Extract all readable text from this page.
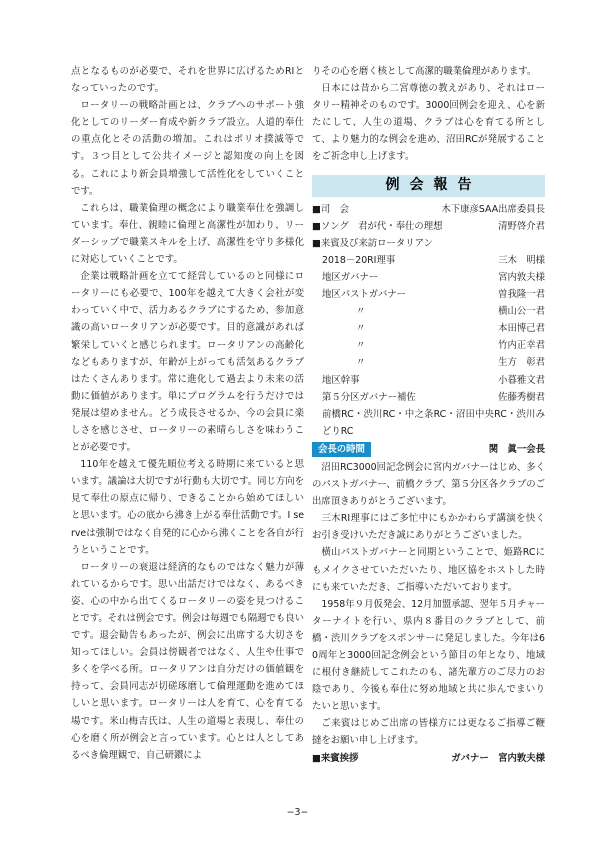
点となるものが必要で、それを世界に広げるためRIとなっていったのです。

ロータリーの戦略計画とは、クラブへのサポート強化としてのリーダー育成や新クラブ設立。人道的奉仕の重点化とその活動の増加。これはポリオ撲滅等です。３つ目として公共イメージと認知度の向上を図る。これにより新会員増強して活性化をしていくことです。

これらは、職業倫理の概念により職業奉仕を強調しています。奉仕、親睦に倫理と高潔性が加わり、リーダーシップで職業スキルを上げ、高潔性を守り多様化に対応していくことです。

企業は戦略計画を立てて経営しているのと同様にロータリーにも必要で、100年を越えて大きく会社が変わっていく中で、活力あるクラブにするため、参加意識の高いロータリアンが必要です。目的意識があれば繁栄していくと感じられます。ロータリアンの高齢化などもありますが、年齢が上がっても活気あるクラブはたくさんあります。常に進化して過去より未来の活動に価値があります。単にプログラムを行うだけでは発展は望めません。どう成長させるか、今の会員に楽しさを感じさせ、ロータリーの素晴らしさを味わうことが必要です。

110年を越えて優先順位考える時期に来ていると思います。議論は大切ですが行動も大切です。同じ方向を見て奉仕の原点に帰り、できることから始めてほしいと思います。心の底から沸き上がる奉仕活動です。I serveは強制ではなく自発的に心から沸くことを各自が行うということです。

ロータリーの衰退は経済的なものではなく魅力が薄れているからです。思い出話だけではなく、あるべき姿、心の中から出てくるロータリーの姿を見つけることです。それは例会です。例会は毎週でも隔週でも良いです。退会勧告もあったが、例会に出席する大切さを知ってほしい。会員は傍観者ではなく、人生や仕事で多くを学べる所。ロータリアンは自分だけの価値観を持って、会員同志が切磋琢磨して倫理運動を進めてほしいと思います。ロータリーは人を育て、心を育てる場です。米山梅吉氏は、人生の道場と表現し、奉仕の心を磨く所が例会と言っています。心とは人としてあるべき倫理観で、自己研鑚によ

りその心を磨く核として高潔的職業倫理があります。

日本には昔から二宮尊徳の教えがあり、それはロータリー精神そのものです。3000回例会を迎え、心を新たにして、人生の道場、クラブは心を育てる所として、より魅力的な例会を進め、沼田RCが発展することをご祈念申し上げます。

例会報告
■司　会	木下康彦SAA出席委員長
■ソング　君が代・奉仕の理想	清野啓介君
■来賓及び来訪ロータリアン
2018－20RI理事	三木　明様
地区ガバナー	宮内敦夫様
地区パストガバナー	曽我隆一君
〃	横山公一君
〃	本田博己君
〃	竹内正幸君
〃	生方　彰君
地区幹事	小暮雅文君
第５分区ガバナー補佐	佐藤秀樹君

前橋RC・渋川RC・中之条RC・沼田中央RC・渋川みどりRC

会長の時間	関　眞一会長

沼田RC3000回記念例会に宮内ガバナーはじめ、多くのパストガバナー、前橋クラブ、第５分区各クラブのご出席頂きありがとうございます。

三木RI理事にはご多忙中にもかかわらず講演を快くお引き受けいただき誠にありがとうございました。

横山パストガバナーと同期ということで、姫路RCにもメイクさせていただいたり、地区協をホストした時にも来ていただき、ご指導いただいております。

1958年９月仮発会、12月加盟承認、翌年５月チャーターナイトを行い、県内８番目のクラブとして、前橋・渋川クラブをスポンサーに発足しました。今年は60周年と3000回記念例会という節目の年となり、地域に根付き継続してこれたのも、諸先輩方のご尽力のお陰であり、今後も奉仕に努め地域と共に歩んでまいりたいと思います。

ご来賓はじめご出席の皆様方には更なるご指導ご鞭撻をお願い申し上げます。

■来賓挨拶	ガバナー　宮内敦夫様
−3−
